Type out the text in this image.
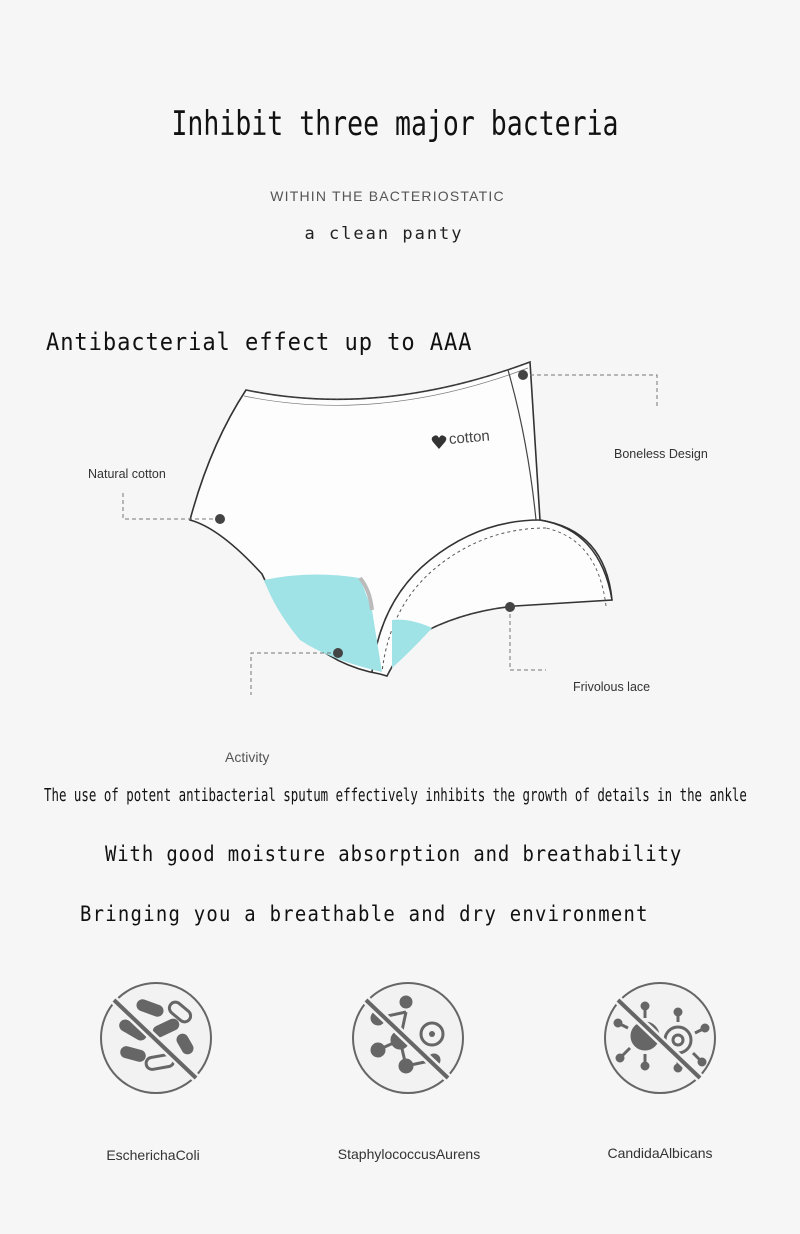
Inhibit three major bacteria
WITHIN THE BACTERIOSTATIC
a clean panty
Antibacterial effect up to AAA
cotton
Natural cotton
Boneless Design
Frivolous lace
Activity
The use of potent antibacterial sputum effectively inhibits the growth of details in the ankle
With good moisture absorption and breathability
Bringing you a breathable and dry environment
EscherichaColi	StaphylococcusAurens	CandidaAlbicans
